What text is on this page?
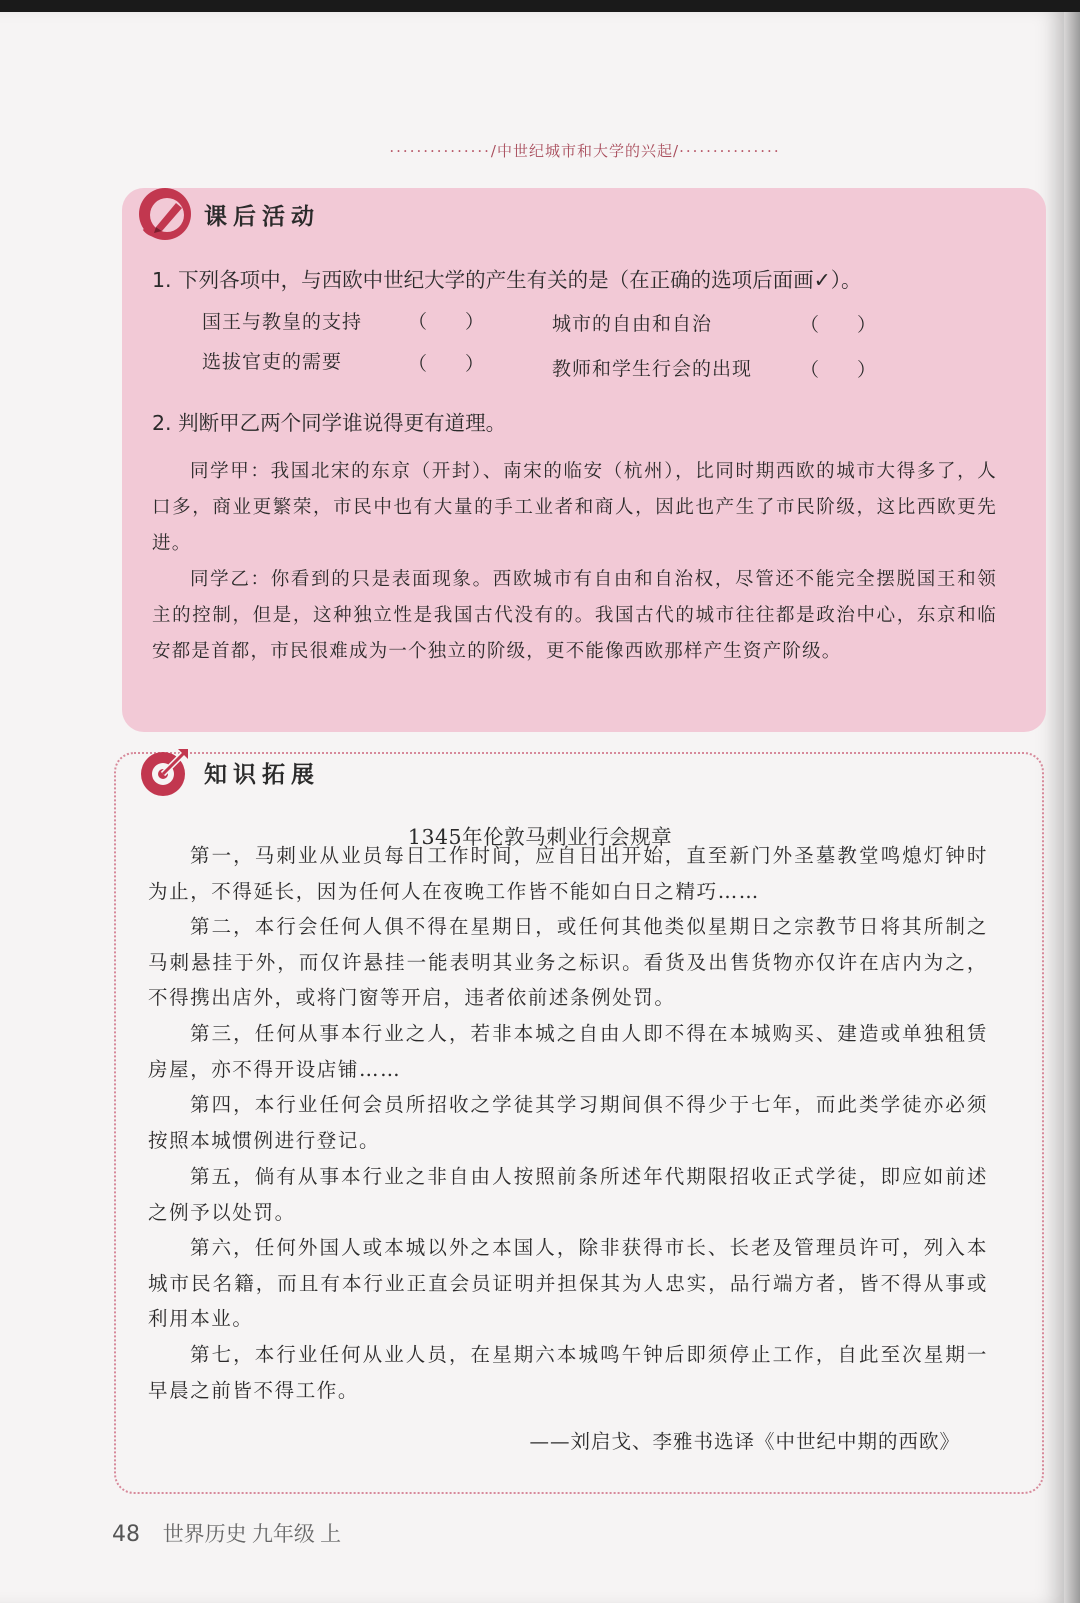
···············/中世纪城市和大学的兴起/···············
课后活动
1. 下列各项中，与西欧中世纪大学的产生有关的是（在正确的选项后面画✓）。
国王与教皇的支持 （　　）	城市的自由和自治	（　　）
选拔官吏的需要	（　　）	教师和学生行会的出现	（　　）
2. 判断甲乙两个同学谁说得更有道理。
同学甲：我国北宋的东京（开封）、南宋的临安（杭州），比同时期西欧的城市大得多了，人口多，商业更繁荣，市民中也有大量的手工业者和商人，因此也产生了市民阶级，这比西欧更先进。
同学乙：你看到的只是表面现象。西欧城市有自由和自治权，尽管还不能完全摆脱国王和领主的控制，但是，这种独立性是我国古代没有的。我国古代的城市往往都是政治中心，东京和临安都是首都，市民很难成为一个独立的阶级，更不能像西欧那样产生资产阶级。
知识拓展
1345年伦敦马刺业行会规章
第一，马刺业从业员每日工作时间，应自日出开始，直至新门外圣墓教堂鸣熄灯钟时为止，不得延长，因为任何人在夜晚工作皆不能如白日之精巧……
第二，本行会任何人俱不得在星期日，或任何其他类似星期日之宗教节日将其所制之马刺悬挂于外，而仅许悬挂一能表明其业务之标识。看货及出售货物亦仅许在店内为之，不得携出店外，或将门窗等开启，违者依前述条例处罚。
第三，任何从事本行业之人，若非本城之自由人即不得在本城购买、建造或单独租赁房屋，亦不得开设店铺……
第四，本行业任何会员所招收之学徒其学习期间俱不得少于七年，而此类学徒亦必须按照本城惯例进行登记。
第五，倘有从事本行业之非自由人按照前条所述年代期限招收正式学徒，即应如前述之例予以处罚。
第六，任何外国人或本城以外之本国人，除非获得市长、长老及管理员许可，列入本城市民名籍，而且有本行业正直会员证明并担保其为人忠实，品行端方者，皆不得从事或利用本业。
第七，本行业任何从业人员，在星期六本城鸣午钟后即须停止工作，自此至次星期一早晨之前皆不得工作。
——刘启戈、李雅书选译《中世纪中期的西欧》
48 世界历史 九年级 上
